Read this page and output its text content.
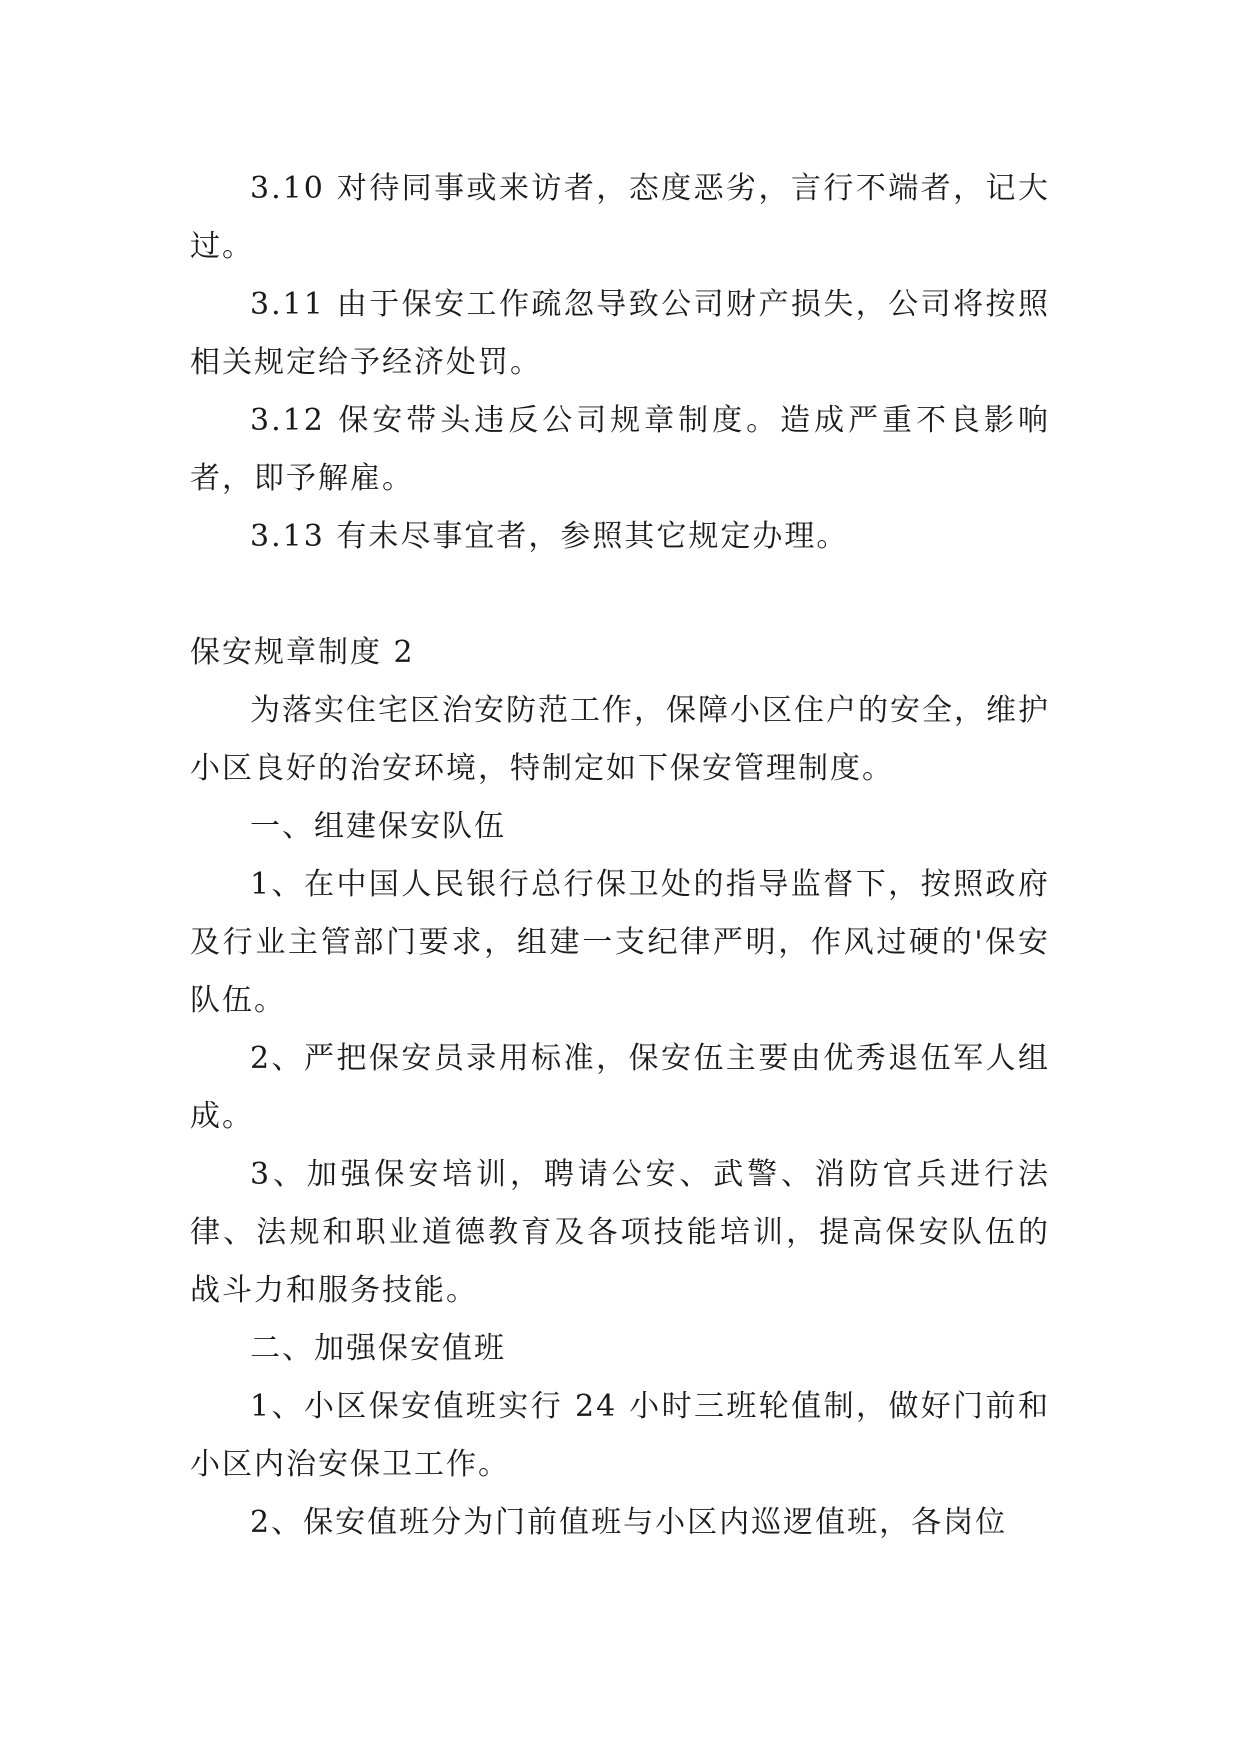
3.10 对待同事或来访者，态度恶劣，言行不端者，记大过。

3.11 由于保安工作疏忽导致公司财产损失，公司将按照相关规定给予经济处罚。

3.12 保安带头违反公司规章制度。造成严重不良影响者，即予解雇。

3.13 有未尽事宜者，参照其它规定办理。

保安规章制度 2

为落实住宅区治安防范工作，保障小区住户的安全，维护小区良好的治安环境，特制定如下保安管理制度。

一、组建保安队伍

1、在中国人民银行总行保卫处的指导监督下，按照政府及行业主管部门要求，组建一支纪律严明，作风过硬的'保安队伍。

2、严把保安员录用标准，保安伍主要由优秀退伍军人组成。

3、加强保安培训，聘请公安、武警、消防官兵进行法律、法规和职业道德教育及各项技能培训，提高保安队伍的战斗力和服务技能。

二、加强保安值班

1、小区保安值班实行 24 小时三班轮值制，做好门前和小区内治安保卫工作。

2、保安值班分为门前值班与小区内巡逻值班，各岗位
